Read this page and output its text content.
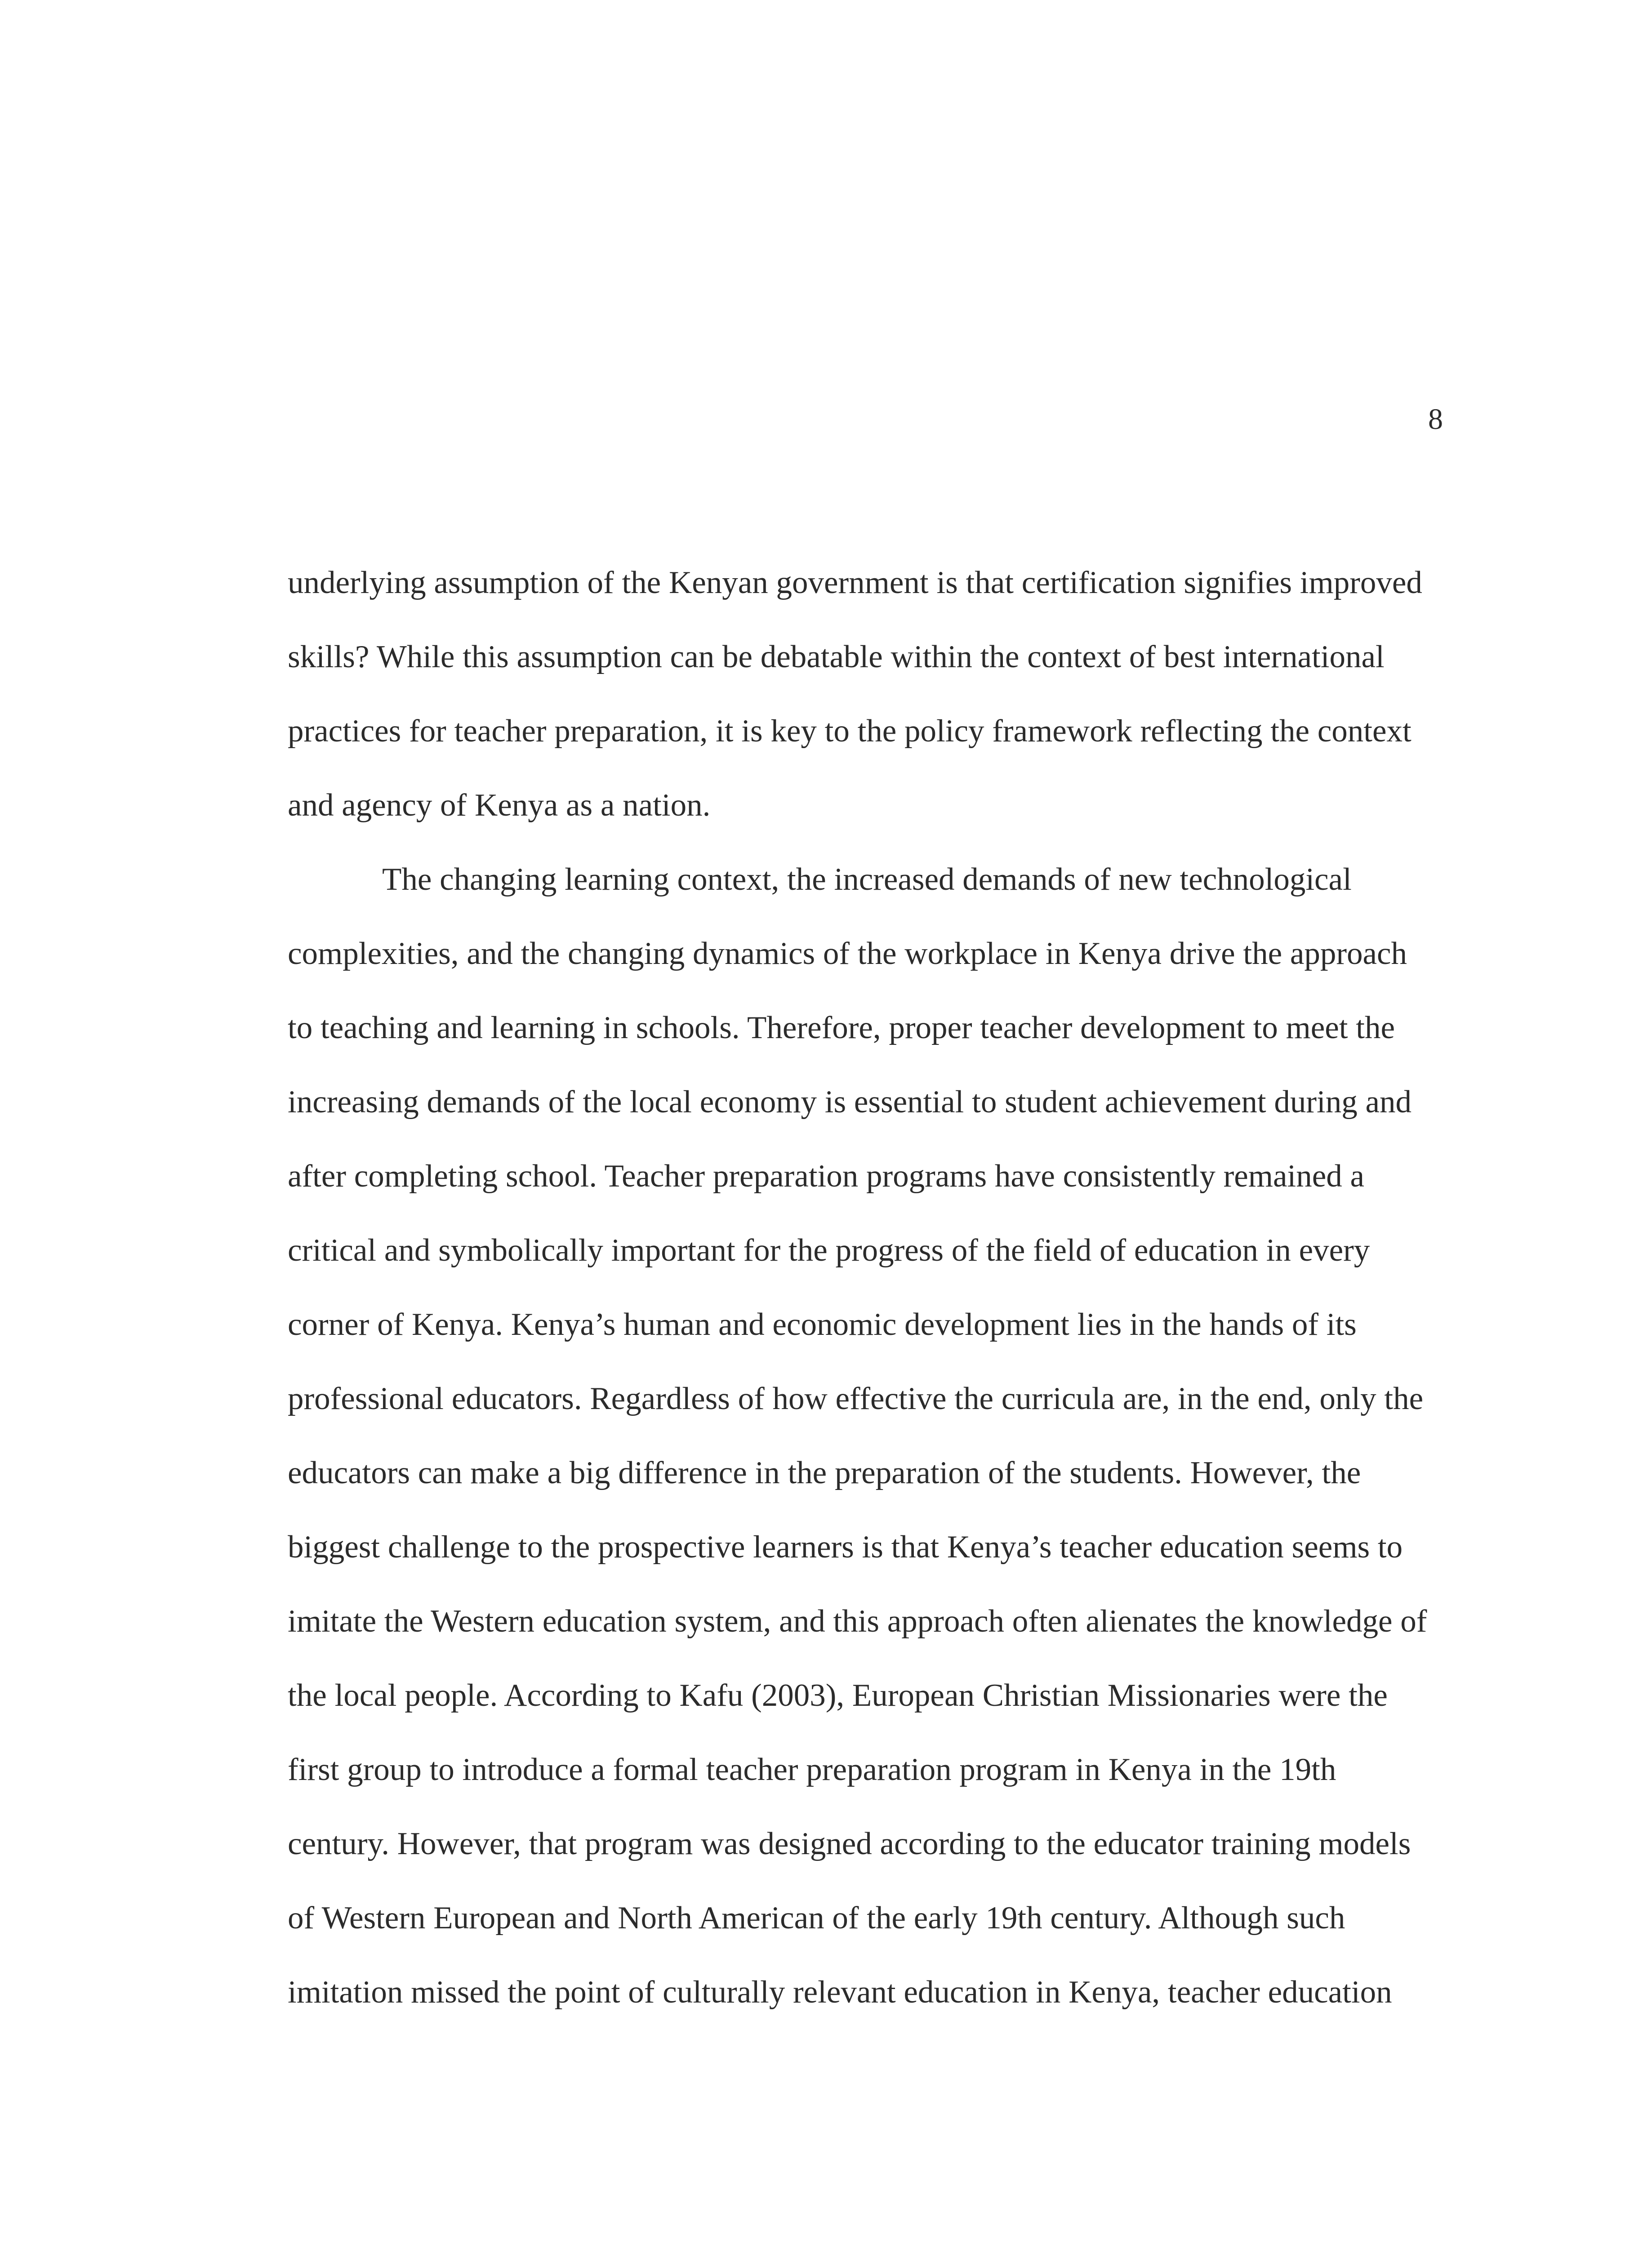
8
underlying assumption of the Kenyan government is that certification signifies improved
skills? While this assumption can be debatable within the context of best international
practices for teacher preparation, it is key to the policy framework reflecting the context
and agency of Kenya as a nation.
The changing learning context, the increased demands of new technological
complexities, and the changing dynamics of the workplace in Kenya drive the approach
to teaching and learning in schools. Therefore, proper teacher development to meet the
increasing demands of the local economy is essential to student achievement during and
after completing school. Teacher preparation programs have consistently remained a
critical and symbolically important for the progress of the field of education in every
corner of Kenya. Kenya’s human and economic development lies in the hands of its
professional educators. Regardless of how effective the curricula are, in the end, only the
educators can make a big difference in the preparation of the students. However, the
biggest challenge to the prospective learners is that Kenya’s teacher education seems to
imitate the Western education system, and this approach often alienates the knowledge of
the local people. According to Kafu (2003), European Christian Missionaries were the
first group to introduce a formal teacher preparation program in Kenya in the 19th
century. However, that program was designed according to the educator training models
of Western European and North American of the early 19th century. Although such
imitation missed the point of culturally relevant education in Kenya, teacher education
